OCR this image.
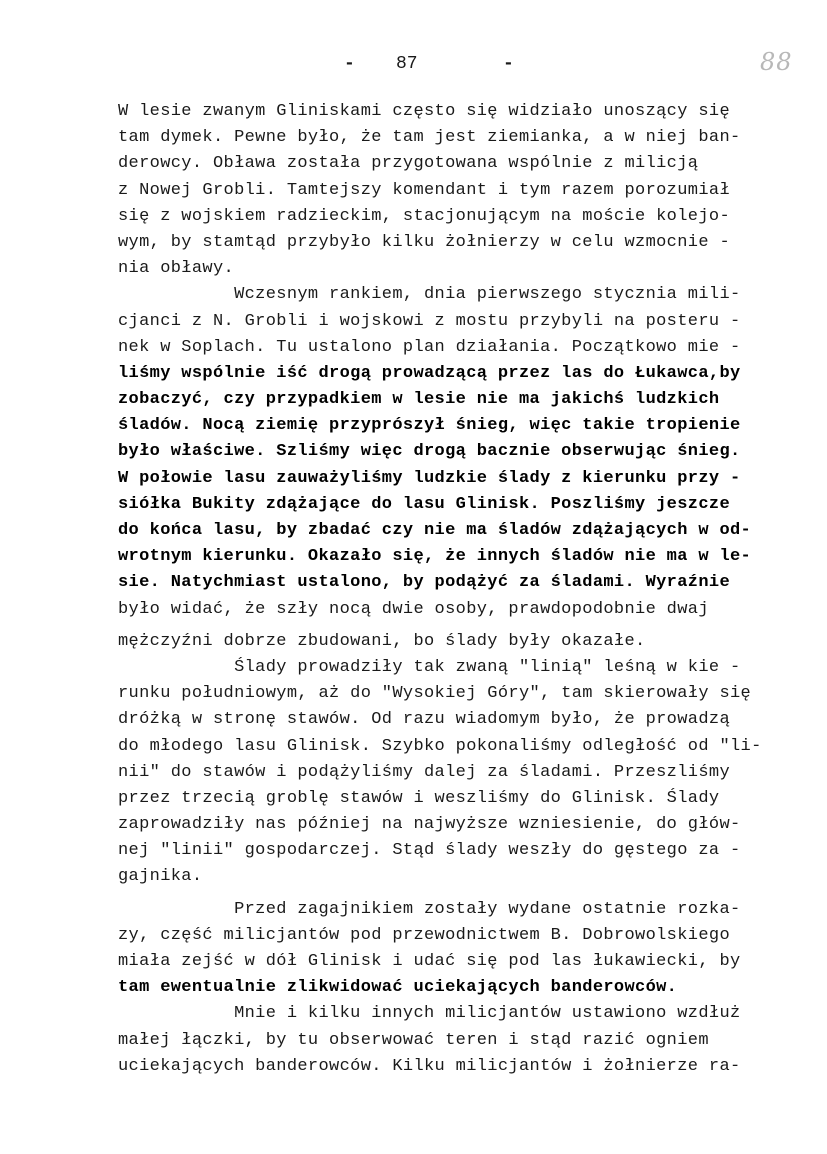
- 87	-	88
W lesie zwanym Gliniskami często się widziało unoszący się
tam dymek. Pewne było, że tam jest ziemianka, a w niej ban-
derowcy. Obława została przygotowana wspólnie z milicją
z Nowej Grobli. Tamtejszy komendant i tym razem porozumiał
się z wojskiem radzieckim, stacjonującym na moście kolejo-
wym, by stamtąd przybyło kilku żołnierzy w celu wzmocnie -
nia obławy.
Wczesnym rankiem, dnia pierwszego stycznia mili-
cjanci z N. Grobli i wojskowi z mostu przybyli na posteru -
nek w Soplach. Tu ustalono plan działania. Początkowo mie -
liśmy wspólnie iść drogą prowadzącą przez las do Łukawca,by
zobaczyć, czy przypadkiem w lesie nie ma jakichś ludzkich
śladów. Nocą ziemię przyprószył śnieg, więc takie tropienie
było właściwe. Szliśmy więc drogą bacznie obserwując śnieg.
W połowie lasu zauważyliśmy ludzkie ślady z kierunku przy -
siółka Bukity zdążające do lasu Glinisk. Poszliśmy jeszcze
do końca lasu, by zbadać czy nie ma śladów zdążających w od-
wrotnym kierunku. Okazało się, że innych śladów nie ma w le-
sie. Natychmiast ustalono, by podążyć za śladami. Wyraźnie
było widać, że szły nocą dwie osoby, prawdopodobnie dwaj
mężczyźni dobrze zbudowani, bo ślady były okazałe.
Ślady prowadziły tak zwaną "linią" leśną w kie -
runku południowym, aż do "Wysokiej Góry", tam skierowały się
dróżką w stronę stawów. Od razu wiadomym było, że prowadzą
do młodego lasu Glinisk. Szybko pokonaliśmy odległość od "li-
nii" do stawów i podążyliśmy dalej za śladami. Przeszliśmy
przez trzecią groblę stawów i weszliśmy do Glinisk. Ślady
zaprowadziły nas później na najwyższe wzniesienie, do głów-
nej "linii" gospodarczej. Stąd ślady weszły do gęstego za -
gajnika.
Przed zagajnikiem zostały wydane ostatnie rozka-
zy, część milicjantów pod przewodnictwem B. Dobrowolskiego
miała zejść w dół Glinisk i udać się pod las łukawiecki, by
tam ewentualnie zlikwidować uciekających banderowców.
Mnie i kilku innych milicjantów ustawiono wzdłuż
małej łączki, by tu obserwować teren i stąd razić ogniem
uciekających banderowców. Kilku milicjantów i żołnierze ra-
